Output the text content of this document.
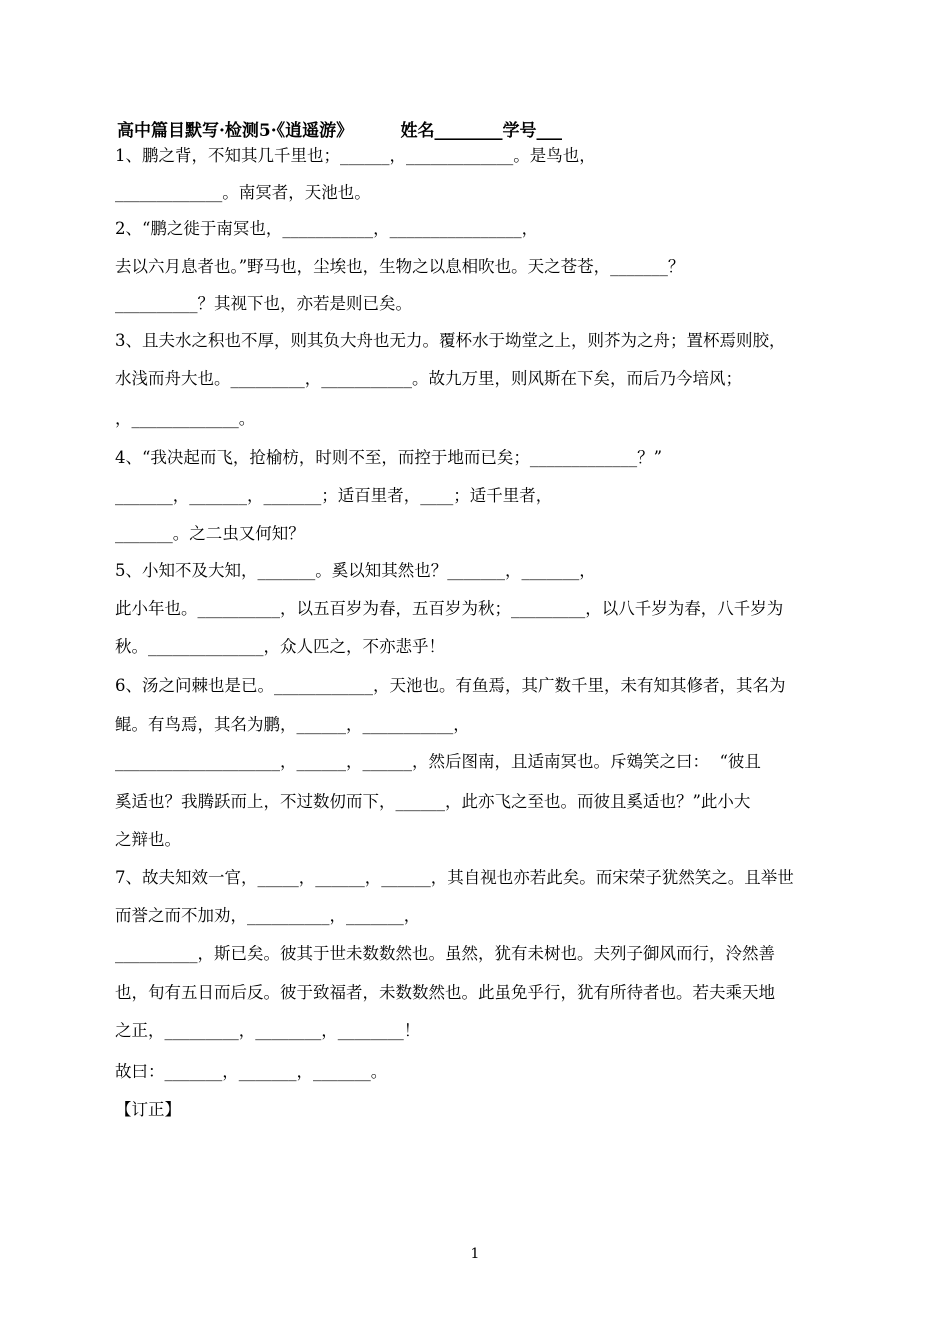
高中篇目默写·检测5·《逍遥游》	姓名________学号___
1、鹏之背，不知其几千里也；______，_____________。是鸟也，
_____________。南冥者，天池也。
2、“鹏之徙于南冥也，___________，________________，
去以六月息者也。”野马也，尘埃也，生物之以息相吹也。天之苍苍，_______？
__________？其视下也，亦若是则已矣。
3、且夫水之积也不厚，则其负大舟也无力。覆杯水于坳堂之上，则芥为之舟；置杯焉则胶，
水浅而舟大也。_________，___________。故九万里，则风斯在下矣，而后乃今培风；
，_____________。
4、“我决起而飞，抢榆枋，时则不至，而控于地而已矣；_____________？”
_______，_______，_______；适百里者，____；适千里者，
_______。之二虫又何知？
5、小知不及大知，_______。奚以知其然也？_______，_______，
此小年也。__________，以五百岁为春，五百岁为秋；_________，以八千岁为春，八千岁为
秋。______________，众人匹之，不亦悲乎！
6、汤之问棘也是已。____________，天池也。有鱼焉，其广数千里，未有知其修者，其名为
鲲。有鸟焉，其名为鹏，______，___________，
____________________，______，______，然后图南，且适南冥也。斥鴳笑之曰：  “彼且
奚适也？我腾跃而上，不过数仞而下，______，此亦飞之至也。而彼且奚适也？”此小大
之辩也。
7、故夫知效一官，_____，______，______，其自视也亦若此矣。而宋荣子犹然笑之。且举世
而誉之而不加劝，__________，_______，
__________，斯已矣。彼其于世未数数然也。虽然，犹有未树也。夫列子御风而行，泠然善
也，旬有五日而后反。彼于致福者，未数数然也。此虽免乎行，犹有所待者也。若夫乘天地
之正，_________，________，________！
故曰：_______，_______，_______。
【订正】
1
